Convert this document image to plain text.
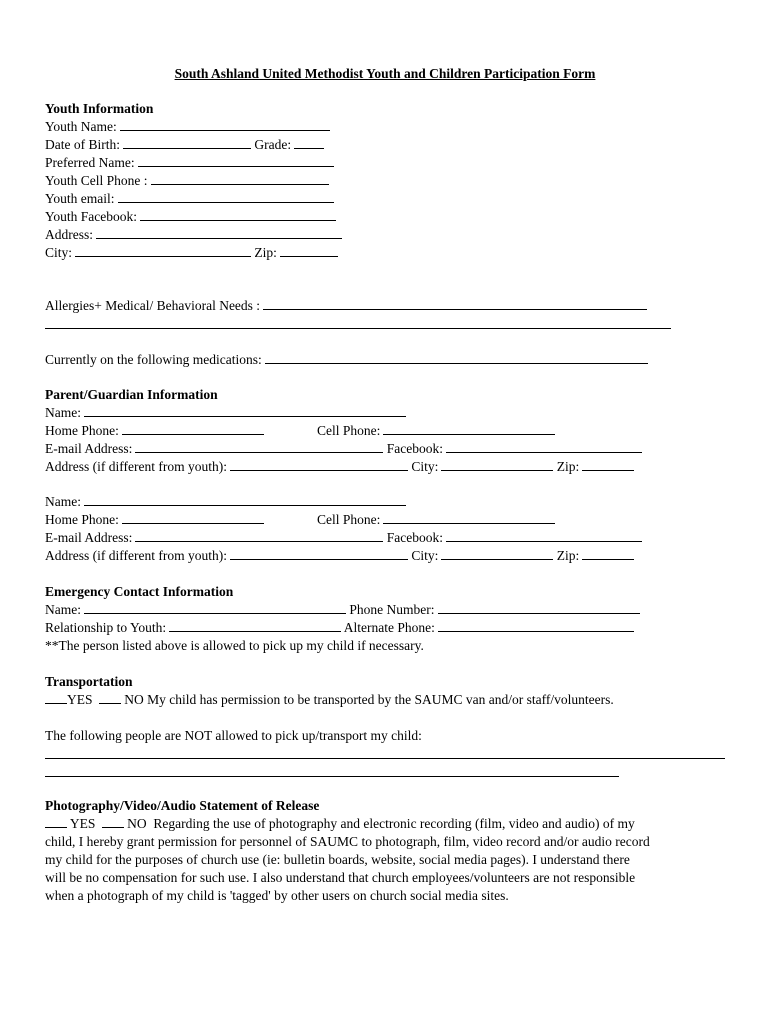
South Ashland United Methodist Youth and Children Participation Form
Youth Information
Youth Name:
Date of Birth:	Grade:
Preferred Name:
Youth Cell Phone :
Youth email:
Youth Facebook:
Address:
City:	Zip:
Allergies+ Medical/ Behavioral Needs :
Currently on the following medications:
Parent/Guardian Information
Name:
Home Phone:	Cell Phone:
E-mail Address:	Facebook:
Address (if different from youth):	City:	Zip:
Name:
Home Phone:	Cell Phone:
E-mail Address:	Facebook:
Address (if different from youth):	City:	Zip:
Emergency Contact Information
Name:	Phone Number:
Relationship to Youth:	Alternate Phone:
**The person listed above is allowed to pick up my child if necessary.
Transportation
YES NO My child has permission to be transported by the SAUMC van and/or staff/volunteers.
The following people are NOT allowed to pick up/transport my child:
Photography/Video/Audio Statement of Release
YES NO Regarding the use of photography and electronic recording (film, video and audio) of my
child, I hereby grant permission for personnel of SAUMC to photograph, film, video record and/or audio record
my child for the purposes of church use (ie: bulletin boards, website, social media pages). I understand there
will be no compensation for such use. I also understand that church employees/volunteers are not responsible
when a photograph of my child is 'tagged' by other users on church social media sites.
